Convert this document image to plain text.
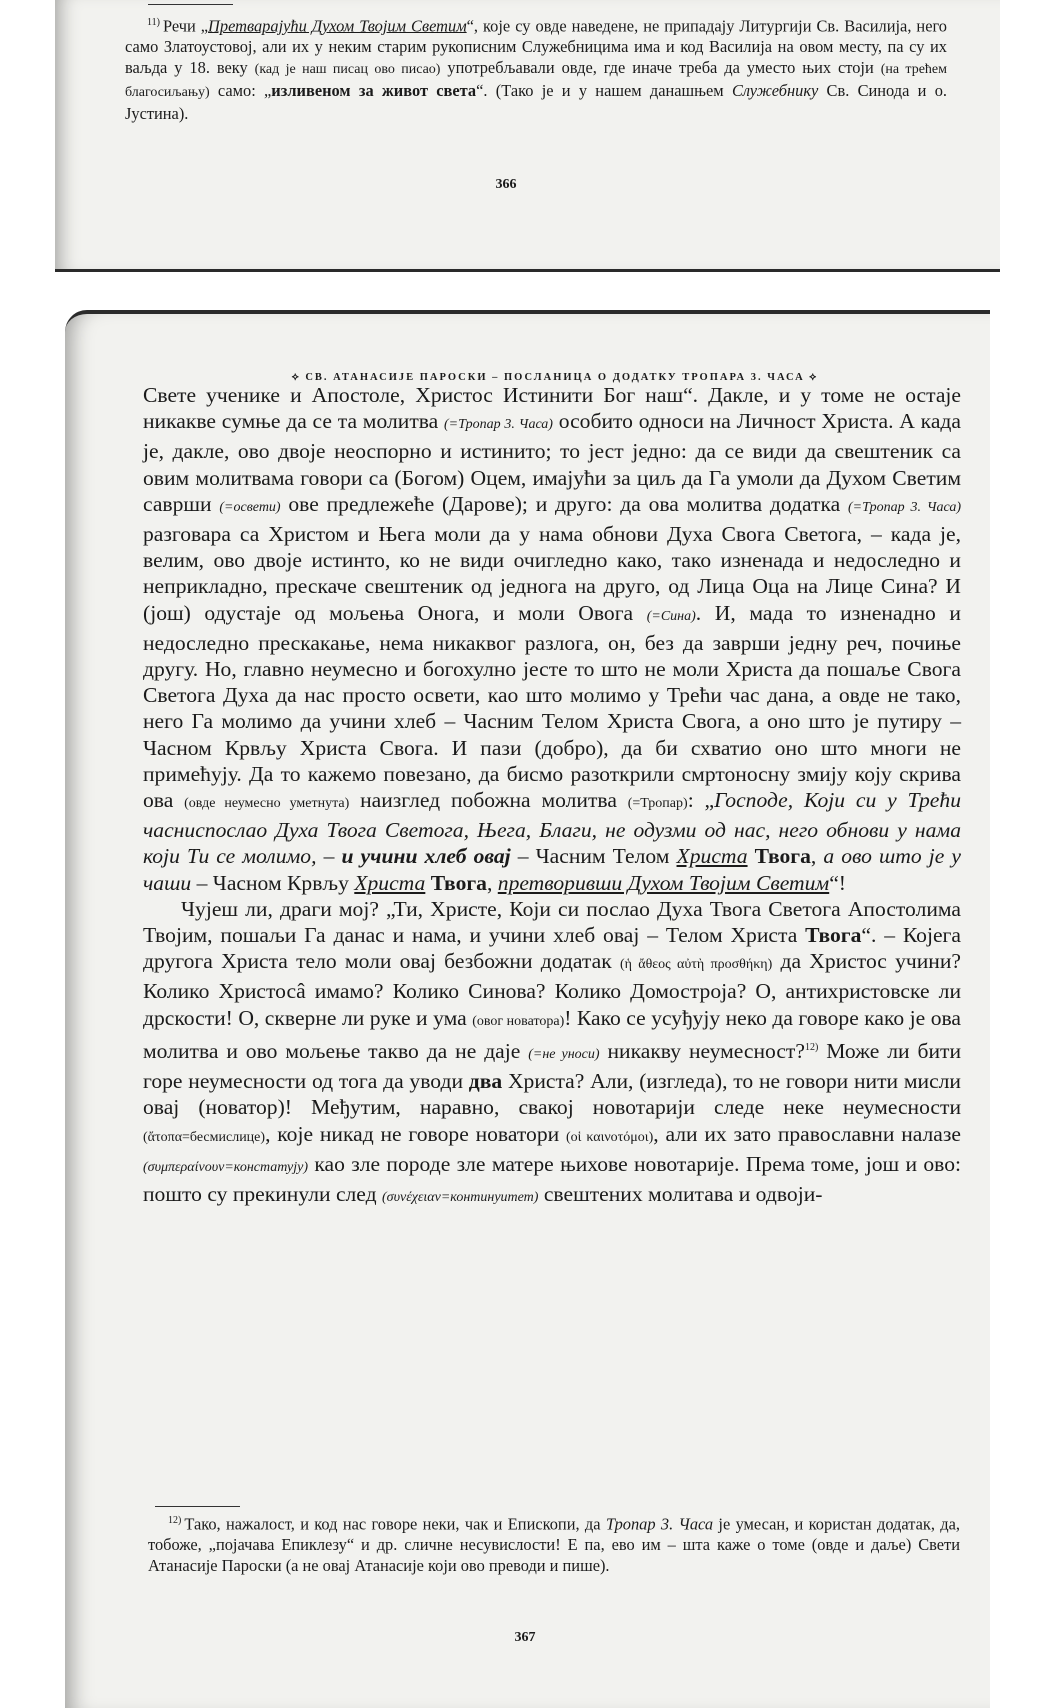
$^{11)}$ Речи „Претварајући Духом Твојим Светим“, које су овде наведене, не припадају Литургији Св. Василија, него само Златоустовој, али их у неким старим рукописним Служебницима има и код Василија на овом месту, па су их ваљда у 18. веку (кад је наш писац ово писао) употребљавали овде, где иначе треба да уместо њих стоји (на трећем благосиљању) само: „изливеном за живот света“. (Тако је и у нашем данашњем Служебнику Св. Синода и о. Јустина).

366
⟡ СВ. АТАНАСИЈЕ ПАРОСКИ – ПОСЛАНИЦА О ДОДАТКУ ТРОПАРА 3. ЧАСА ⟡

Свете ученике и Апостоле, Христос Истинити Бог наш“. Дакле, и у томе не остаје никакве сумње да се та молитва (=Тропар 3. Часа) особито односи на Личност Христа. А када је, дакле, ово двоје неоспорно и истинито; то јест једно: да се види да свештеник са овим молитвама говори са (Богом) Оцем, имајући за циљ да Га умоли да Духом Светим саврши (=освети) ове предлежеће (Дарове); и друго: да ова молитва додатка (=Тропар 3. Часа) разговара са Христом и Њега моли да у нама обнови Духа Свога Светога, – када је, велим, ово двоје истинто, ко не види очигледно како, тако изненада и недоследно и неприкладно, прескаче свештеник од једнога на друго, од Лица Оца на Лице Сина? И (још) одустаје од мољења Онога, и моли Овога (=Сина). И, мада то изненадно и недоследно прескакање, нема никаквог разлога, он, без да заврши једну реч, почиње другу. Но, главно неумесно и богохулно јесте то што не моли Христа да пошаље Свога Светога Духа да нас просто освети, као што молимо у Трећи час дана, а овде не тако, него Га молимо да учини хлеб – Часним Телом Христа Свога, а оно што је путиру – Часном Крвљу Христа Свога. И пази (добро), да би схватио оно што многи не примећују. Да то кажемо повезано, да бисмо разоткрили смртоносну змију коју скрива ова (овде неумесно уметнута) наизглед побожна молитва (=Тропар): „Господе, Који си у Трећи часниспослао Духа Твога Светога, Њега, Благи, не одузми од нас, него обнови у нама који Ти се молимо, – и учини хлеб овај – Часним Телом Христа Твога, а ово што је у чаши – Часном Крвљу Христа Твога, претворивши Духом Твојим Светим“!

Чујеш ли, драги мој? „Ти, Христе, Који си послао Духа Твога Светога Апостолима Твојим, пошаљи Га данас и нама, и учини хлеб овај – Телом Христа Твога“. – Којега другога Христа тело моли овај безбожни додатак (ἡ ἄθεος αὐτὴ προσθήκη) да Христос учини? Колико Христосâ имамо? Колико Синова? Колико Домостроја? О, антихристовске ли дрскости! О, скверне ли руке и ума (овог новатора)! Како се усуђују неко да говоре како је ова молитва и ово мољење такво да не даје (=не уноси) никакву неумесност?$^{12)}$ Може ли бити горе неумесности од тога да уводи два Христа? Али, (изгледа), то не говори нити мисли овај (новатор)! Међутим, наравно, свакој новотарији следе неке неумесности (ἄτοπα=бесмислице), које никад не говоре новатори (οἱ καινοτόμοι), али их зато православни налазе (συμπεραίνουν=констатују) као зле породе зле матере њихове новотарије. Према томе, још и ово: пошто су прекинули след (συνέχειαν=континуитет) свештених молитава и одвоји-

$^{12)}$ Тако, нажалост, и код нас говоре неки, чак и Епископи, да Тропар 3. Часа је умесан, и користан додатак, да, тобоже, „појачава Епиклезу“ и др. сличне несувислости! Е па, ево им – шта каже о томе (овде и даље) Свети Атанасије Пароски (а не овај Атанасије који ово преводи и пише).

367
